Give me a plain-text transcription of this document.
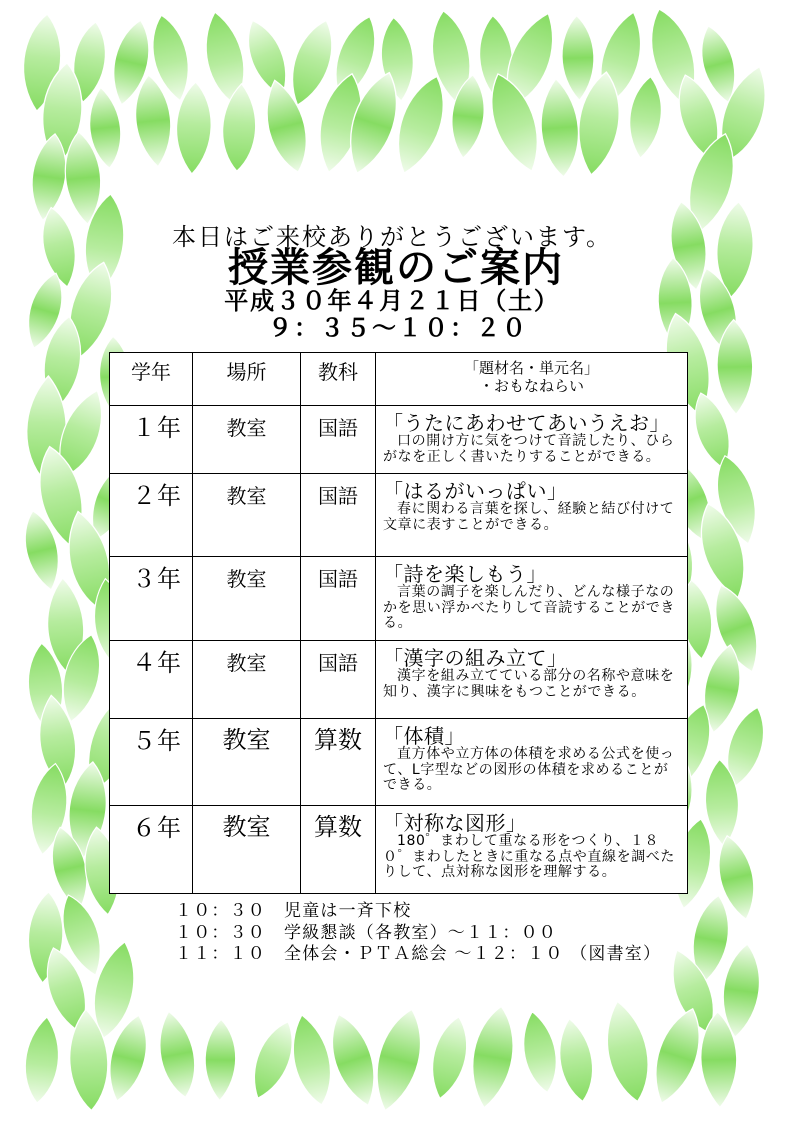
本日はご来校ありがとうございます。
授業参観のご案内
平成３０年４月２１日（土）
９：３５～１０：２０
学年	場所	教科	「題材名・単元名」
・おもなねらい

１年	教室	国語	「うたにあわせてあいうえお」
口の開け方に気をつけて音読したり、ひらがなを正しく書いたりすることができる。

２年	教室	国語	「はるがいっぱい」
春に関わる言葉を探し、経験と結び付けて文章に表すことができる。

３年	教室	国語	「詩を楽しもう」
言葉の調子を楽しんだり、どんな様子なのかを思い浮かべたりして音読することができる。

４年	教室	国語	「漢字の組み立て」
漢字を組み立てている部分の名称や意味を知り、漢字に興味をもつことができる。

５年	教室	算数	「体積」
直方体や立方体の体積を求める公式を使って、L字型などの図形の体積を求めることができる。

６年	教室	算数	「対称な図形」
180゜まわして重なる形をつくり、１８０゜まわしたときに重なる点や直線を調べたりして、点対称な図形を理解する。
１０：３０ 児童は一斉下校
１０：３０ 学級懇談（各教室）～１１：００
１１：１０ 全体会・ＰＴＡ総会 ～１２：１０ （図書室）
